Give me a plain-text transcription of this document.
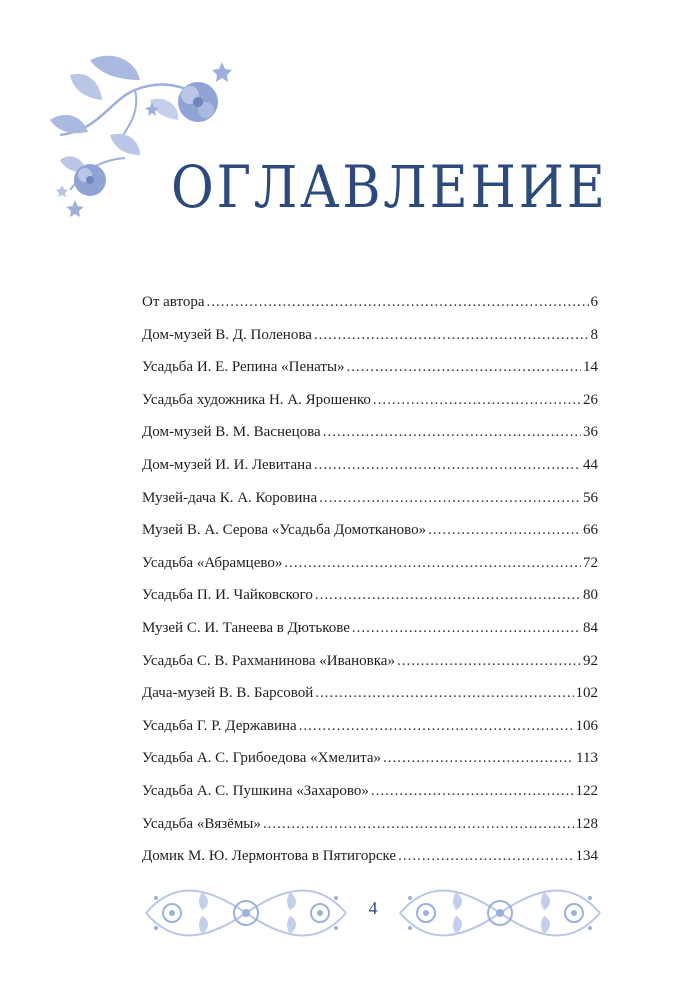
ОГЛАВЛЕНИЕ
От автора .....	6
Дом-музей В. Д. Поленова .....	8
Усадьба И. Е. Репина «Пенаты» .....	14
Усадьба художника Н. А. Ярошенко .....	26
Дом-музей В. М. Васнецова .....	36
Дом-музей И. И. Левитана .....	44
Музей-дача К. А. Коровина .....	56
Музей В. А. Серова «Усадьба Домотканово» .....	66
Усадьба «Абрамцево» .....	72
Усадьба П. И. Чайковского .....	80
Музей С. И. Танеева в Дютькове .....	84
Усадьба С. В. Рахманинова «Ивановка» .....	92
Дача-музей В. В. Барсовой .....	102
Усадьба Г. Р. Державина .....	106
Усадьба А. С. Грибоедова «Хмелита» .....	113
Усадьба А. С. Пушкина «Захарово» .....	122
Усадьба «Вязёмы» .....	128
Домик М. Ю. Лермонтова в Пятигорске .....	134
4
